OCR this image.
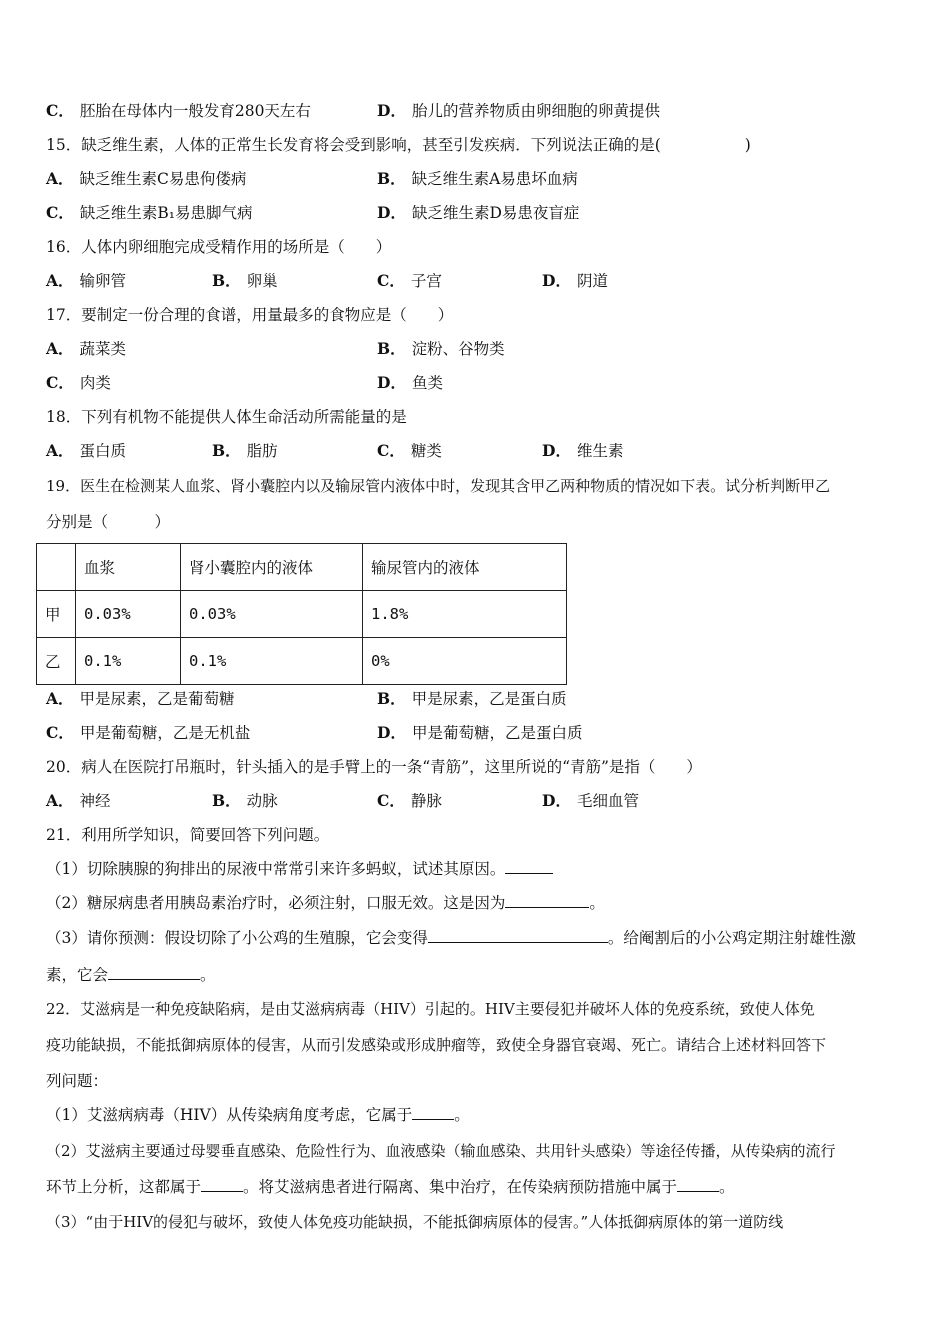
C． 胚胎在母体内一般发育280天左右	D． 胎儿的营养物质由卵细胞的卵黄提供
15．缺乏维生素，人体的正常生长发育将会受到影响，甚至引发疾病．下列说法正确的是(	)
A． 缺乏维生素C易患佝偻病	B． 缺乏维生素A易患坏血病
C． 缺乏维生素B₁易患脚气病	D． 缺乏维生素D易患夜盲症
16．人体内卵细胞完成受精作用的场所是（　　）
A． 输卵管	B． 卵巢	C． 子宫	D． 阴道
17．要制定一份合理的食谱，用量最多的食物应是（　　）
A． 蔬菜类	B． 淀粉、谷物类
C． 肉类	D． 鱼类
18．下列有机物不能提供人体生命活动所需能量的是
A． 蛋白质	B． 脂肪	C． 糖类	D． 维生素
19．医生在检测某人血浆、肾小囊腔内以及输尿管内液体中时，发现其含甲乙两种物质的情况如下表。试分析判断甲乙
分别是（　　　）
	血浆	肾小囊腔内的液体	输尿管内的液体
甲	0.03%	0.03%	1.8%
乙	0.1%	0.1%	0%
A． 甲是尿素，乙是葡萄糖	B． 甲是尿素，乙是蛋白质
C． 甲是葡萄糖，乙是无机盐	D． 甲是葡萄糖，乙是蛋白质
20．病人在医院打吊瓶时，针头插入的是手臂上的一条“青筋”，这里所说的“青筋”是指（　　）
A． 神经	B． 动脉	C． 静脉	D． 毛细血管
21．利用所学知识，简要回答下列问题。
（1）切除胰腺的狗排出的尿液中常常引来许多蚂蚁，试述其原因。
（2）糖尿病患者用胰岛素治疗时，必须注射，口服无效。这是因为	。
（3）请你预测：假设切除了小公鸡的生殖腺，它会变得	。给阉割后的小公鸡定期注射雄性激
素，它会	。
22．艾滋病是一种免疫缺陷病，是由艾滋病病毒（HIV）引起的。HIV主要侵犯并破坏人体的免疫系统，致使人体免
疫功能缺损，不能抵御病原体的侵害，从而引发感染或形成肿瘤等，致使全身器官衰竭、死亡。请结合上述材料回答下
列问题：
（1）艾滋病病毒（HIV）从传染病角度考虑，它属于	。
（2）艾滋病主要通过母婴垂直感染、危险性行为、血液感染（输血感染、共用针头感染）等途径传播，从传染病的流行
环节上分析，这都属于	。将艾滋病患者进行隔离、集中治疗，在传染病预防措施中属于	。
（3）“由于HIV的侵犯与破坏，致使人体免疫功能缺损，不能抵御病原体的侵害。”人体抵御病原体的第一道防线
